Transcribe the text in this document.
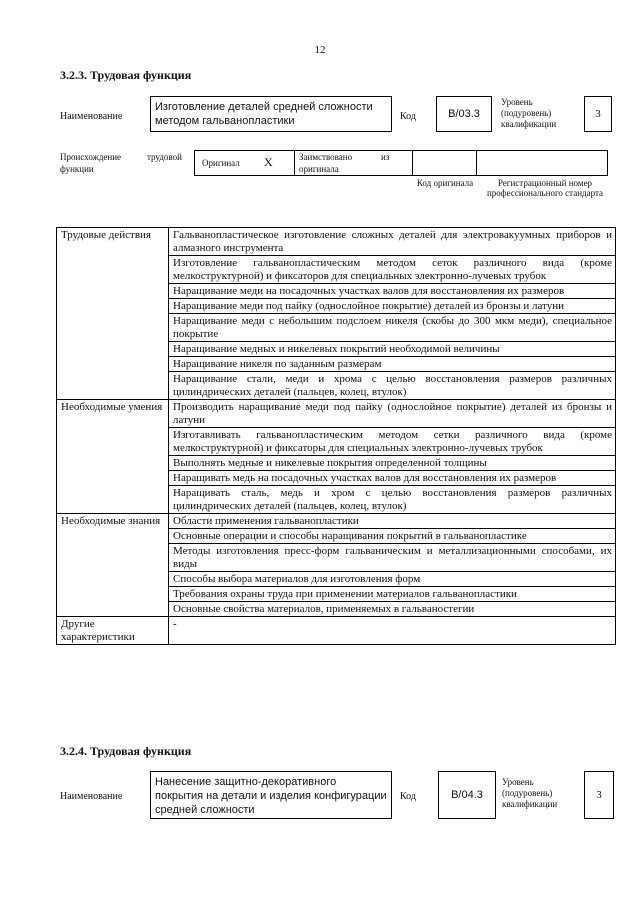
12
3.2.3. Трудовая функция
Наименование
Изготовление деталей средней сложности методом гальванопластики	Код	В/03.3
Уровень (подуровень) квалификации
3
Происхождение	трудовой
функции
Оригинал X	Заимствовано	из
оригинала
Код оригинала	Регистрационный номер профессионального стандарта
Трудовые действия	Гальванопластическое изготовление сложных деталей для электровакуумных приборов и алмазного инструмента
	Изготовление гальванопластическим методом сеток различного вида (кроме мелкоструктурной) и фиксаторов для специальных электронно-лучевых трубок
	Наращивание меди на посадочных участках валов для восстановления их размеров
	Наращивание меди под пайку (однослойное покрытие) деталей из бронзы и латуни
	Наращивание меди с небольшим подслоем никеля (скобы до 300 мкм меди), специальное покрытие
	Наращивание медных и никелевых покрытий необходимой величины
	Наращивание никеля по заданным размерам
	Наращивание стали, меди и хрома с целью восстановления размеров различных цилиндрических деталей (пальцев, колец, втулок)
Необходимые умения	Производить наращивание меди под пайку (однослойное покрытие) деталей из бронзы и латуни
	Изготавливать гальванопластическим методом сетки различного вида (кроме мелкоструктурной) и фиксаторы для специальных электронно-лучевых трубок
	Выполнять медные и никелевые покрытия определенной толщины
	Наращивать медь на посадочных участках валов для восстановления их размеров
	Наращивать сталь, медь и хром с целью восстановления размеров различных цилиндрических деталей (пальцев, колец, втулок)
Необходимые знания	Области применения гальванопластики
	Основные операции и способы наращивания покрытий в гальванопластике
	Методы изготовления пресс-форм гальваническим и металлизационными способами, их виды
	Способы выбора материалов для изготовления форм
	Требования охраны труда при применении материалов гальванопластики
	Основные свойства материалов, применяемых в гальваностегии
Другие характеристики	-
3.2.4. Трудовая функция
Наименование
Нанесение защитно-декоративного покрытия на детали и изделия конфигурации средней сложности
Код	В/04.3
Уровень (подуровень) квалификации
3
